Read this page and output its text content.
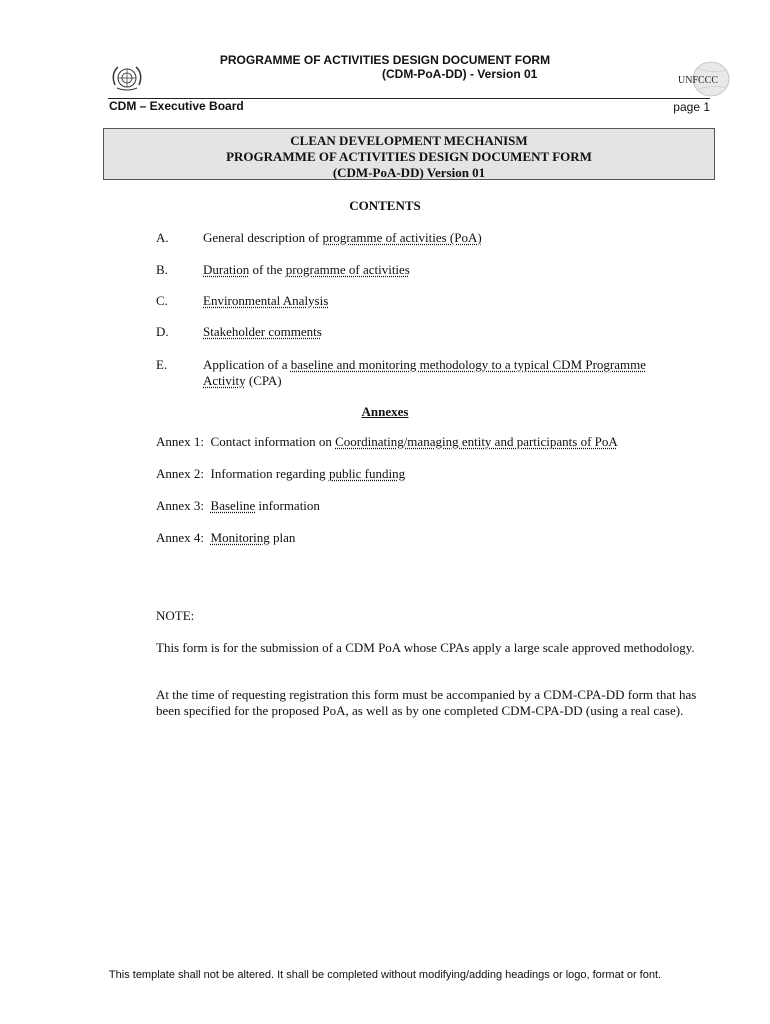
PROGRAMME OF ACTIVITIES DESIGN DOCUMENT FORM
(CDM-PoA-DD) - Version 01	UNFCCC
CDM – Executive Board	page 1
CLEAN DEVELOPMENT MECHANISM
PROGRAMME OF ACTIVITIES DESIGN DOCUMENT FORM
(CDM-PoA-DD) Version 01
CONTENTS
A.	General description of programme of activities (PoA)
B.	Duration of the programme of activities
C.	Environmental Analysis
D.	Stakeholder comments
E.	Application of a baseline and monitoring methodology to a typical CDM Programme
Activity (CPA)
Annexes
Annex 1: Contact information on Coordinating/managing entity and participants of PoA
Annex 2: Information regarding public funding
Annex 3: Baseline information
Annex 4: Monitoring plan
NOTE:
This form is for the submission of a CDM PoA whose CPAs apply a large scale approved methodology.
At the time of requesting registration this form must be accompanied by a CDM-CPA-DD form that has been specified for the proposed PoA, as well as by one completed CDM-CPA-DD (using a real case).
This template shall not be altered. It shall be completed without modifying/adding headings or logo, format or font.
